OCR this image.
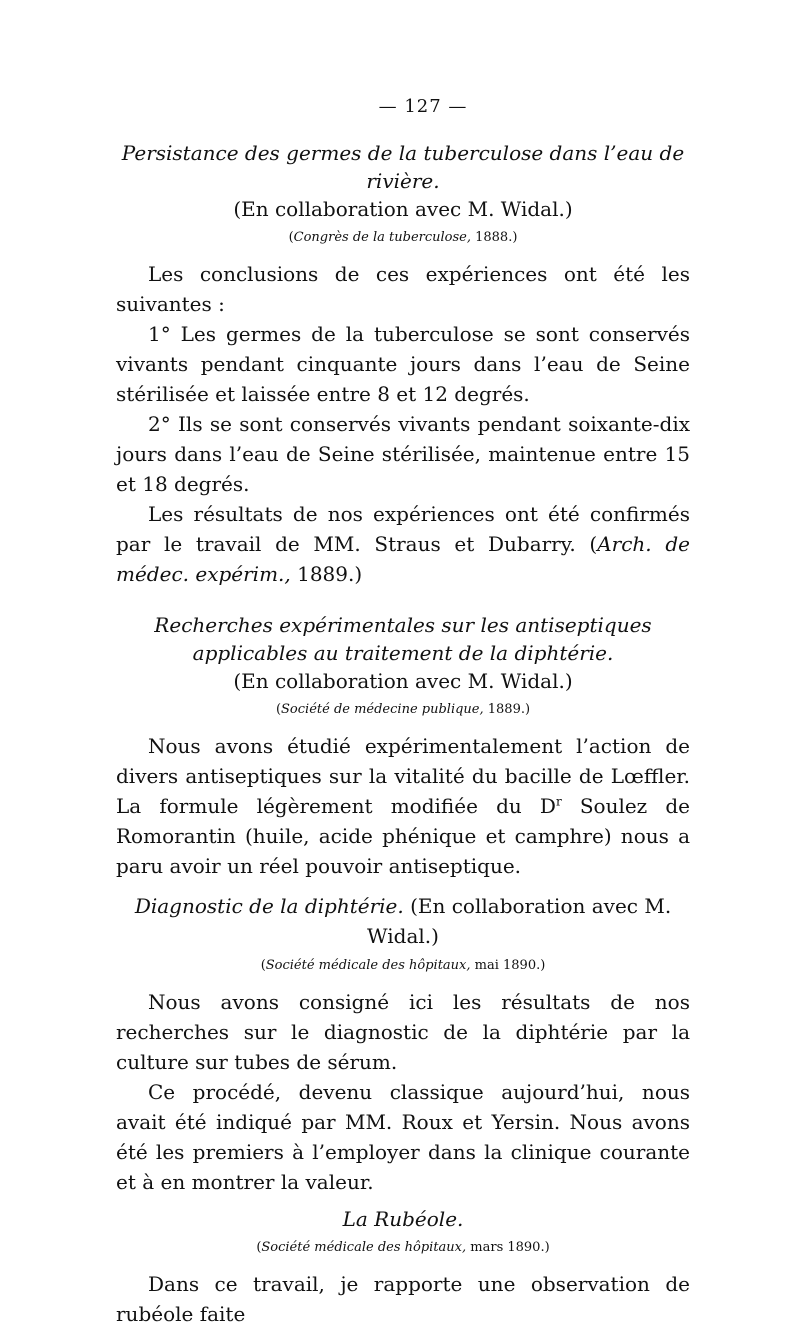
— 127 —

Persistance des germes de la tuberculose dans l’eau de rivière.

(En collaboration avec M. Widal.)

(Congrès de la tuberculose, 1888.)

Les conclusions de ces expériences ont été les suivantes :

1° Les germes de la tuberculose se sont conservés vivants pendant cinquante jours dans l’eau de Seine stérilisée et laissée entre 8 et 12 degrés.

2° Ils se sont conservés vivants pendant soixante-dix jours dans l’eau de Seine stérilisée, maintenue entre 15 et 18 degrés.

Les résultats de nos expériences ont été confirmés par le travail de MM. Straus et Dubarry. (Arch. de médec. expérim., 1889.)

Recherches expérimentales sur les antiseptiques

applicables au traitement de la diphtérie.

(En collaboration avec M. Widal.)

(Société de médecine publique, 1889.)

Nous avons étudié expérimentalement l’action de divers antiseptiques sur la vitalité du bacille de Lœffler. La formule légèrement modifiée du $D^r$ Soulez de Romorantin (huile, acide phénique et camphre) nous a paru avoir un réel pouvoir antiseptique.

Diagnostic de la diphtérie. (En collaboration avec M. Widal.)

(Société médicale des hôpitaux, mai 1890.)

Nous avons consigné ici les résultats de nos recherches sur le diagnostic de la diphtérie par la culture sur tubes de sérum.

Ce procédé, devenu classique aujourd’hui, nous avait été indiqué par MM. Roux et Yersin. Nous avons été les premiers à l’employer dans la clinique courante et à en montrer la valeur.

La Rubéole.

(Société médicale des hôpitaux, mars 1890.)

Dans ce travail, je rapporte une observation de rubéole faite
